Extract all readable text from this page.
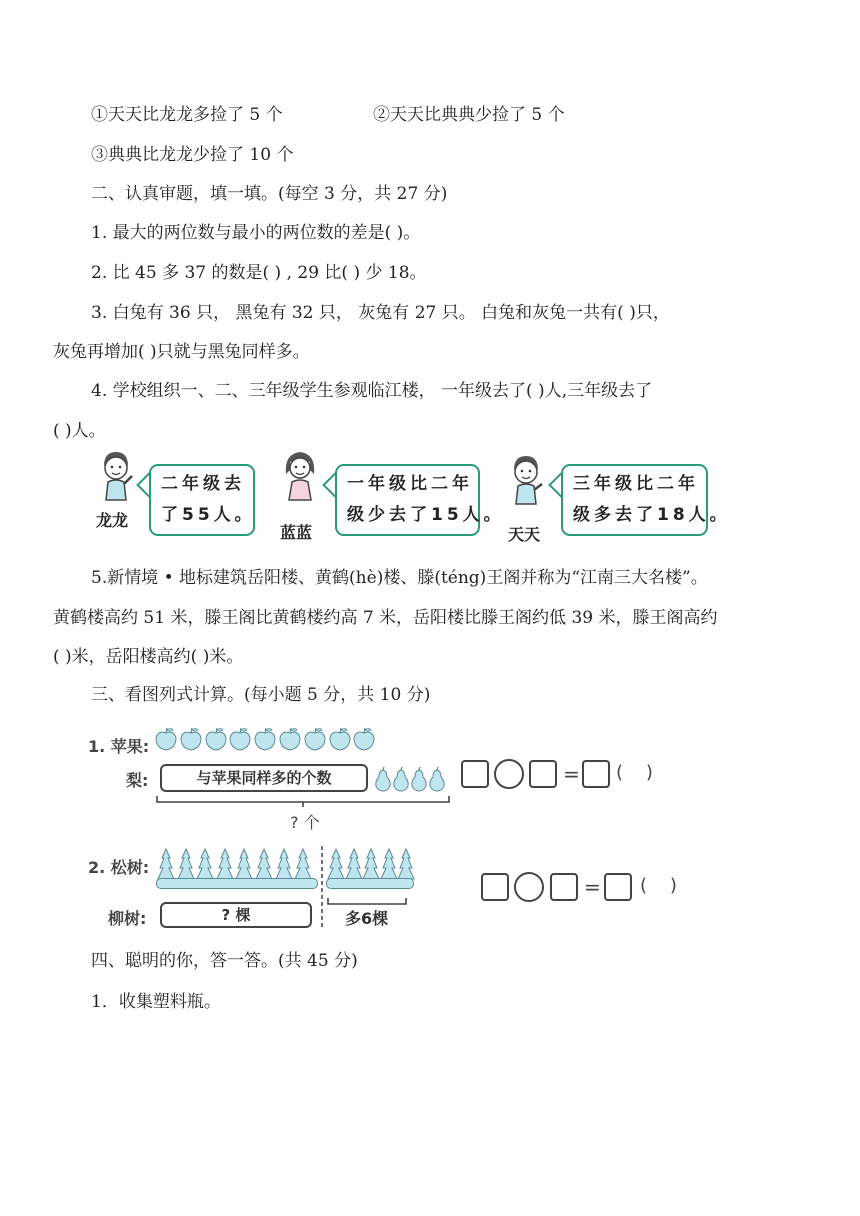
①天天比龙龙多捡了 5 个	②天天比典典少捡了 5 个
③典典比龙龙少捡了 10 个
二、认真审题，填一填。(每空 3 分，共 27 分)
1. 最大的两位数与最小的两位数的差是( )。
2. 比 45 多 37 的数是( ) , 29 比( ) 少 18。
3. 白兔有 36 只， 黑兔有 32 只， 灰兔有 27 只。 白兔和灰兔一共有( )只，
灰兔再增加( )只就与黑兔同样多。
4. 学校组织一、二、三年级学生参观临江楼， 一年级去了( )人,三年级去了
( )人。
龙龙
二年级去
了55人。
蓝蓝
一年级比二年
级少去了15人。
天天
三年级比二年
级多去了18人。
5.新情境 • 地标建筑岳阳楼、黄鹤(hè)楼、滕(téng)王阁并称为“江南三大名楼”。
黄鹤楼高约 51 米，滕王阁比黄鹤楼约高 7 米，岳阳楼比滕王阁约低 39 米，滕王阁高约
( )米，岳阳楼高约( )米。
三、看图列式计算。(每小题 5 分，共 10 分)
1. 苹果:
梨:	与苹果同样多的个数
? 个
= (    )
2. 松树:
柳树:	? 棵	多6棵
= (    )
四、聪明的你，答一答。(共 45 分)
1．收集塑料瓶。
